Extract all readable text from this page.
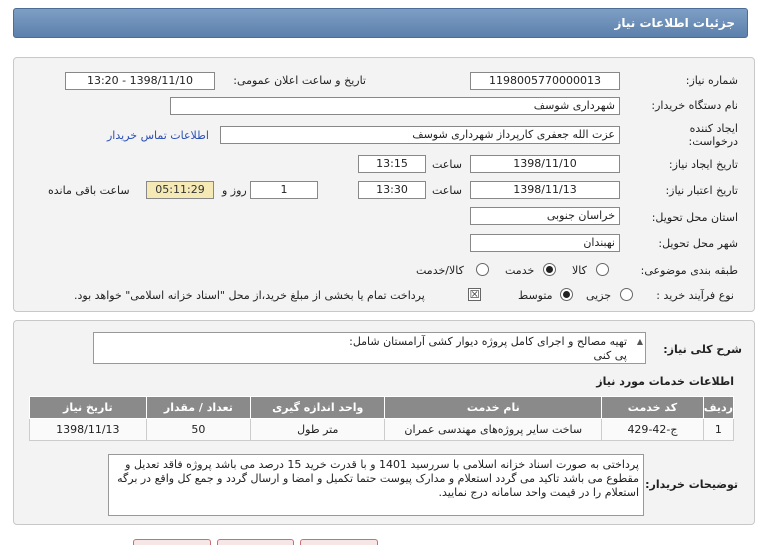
جزئیات اطلاعات نیاز
شماره نیاز:
1198005770000013
تاریخ و ساعت اعلان عمومی:
1398/11/10 - 13:20
نام دستگاه خریدار:
شهرداری شوسف
ایجاد کننده درخواست:
عزت الله جعفری کارپرداز شهرداری شوسف
اطلاعات تماس خریدار
تاریخ ایجاد نیاز:
1398/11/10
ساعت
13:15
تاریخ اعتبار نیاز:
1398/11/13
ساعت
13:30
1
روز و
05:11:29
ساعت باقی مانده
استان محل تحویل:
خراسان جنوبی
شهر محل تحویل:
نهبندان
طبقه بندی موضوعی:
کالا
خدمت
کالا/خدمت
نوع فرآیند خرید :
جزیی
متوسط
☒
پرداخت تمام یا بخشی از مبلغ خرید،از محل "اسناد خزانه اسلامی" خواهد بود.
شرح کلی نیاز:
▲
تهیه مصالح و اجرای کامل پروژه دیوار کشی آرامستان شامل:
پی کنی
اطلاعات خدمات مورد نیاز
ردیف	کد خدمت	نام خدمت	واحد اندازه گیری	تعداد / مقدار	تاریخ نیاز
1	ج-42-429	ساخت سایر پروژه‌های مهندسی عمران	متر طول	50	1398/11/13
توضیحات خریدار:
پرداختی به صورت اسناد خزانه اسلامی با سررسید 1401 و با قدرت خرید 15 درصد می باشد پروژه فاقد تعدیل و مقطوع می باشد تاکید می گردد استعلام و مدارک پیوست حتما تکمیل و امضا و ارسال گردد و جمع کل واقع در برگه استعلام را در قیمت واحد سامانه درج نمایید.
